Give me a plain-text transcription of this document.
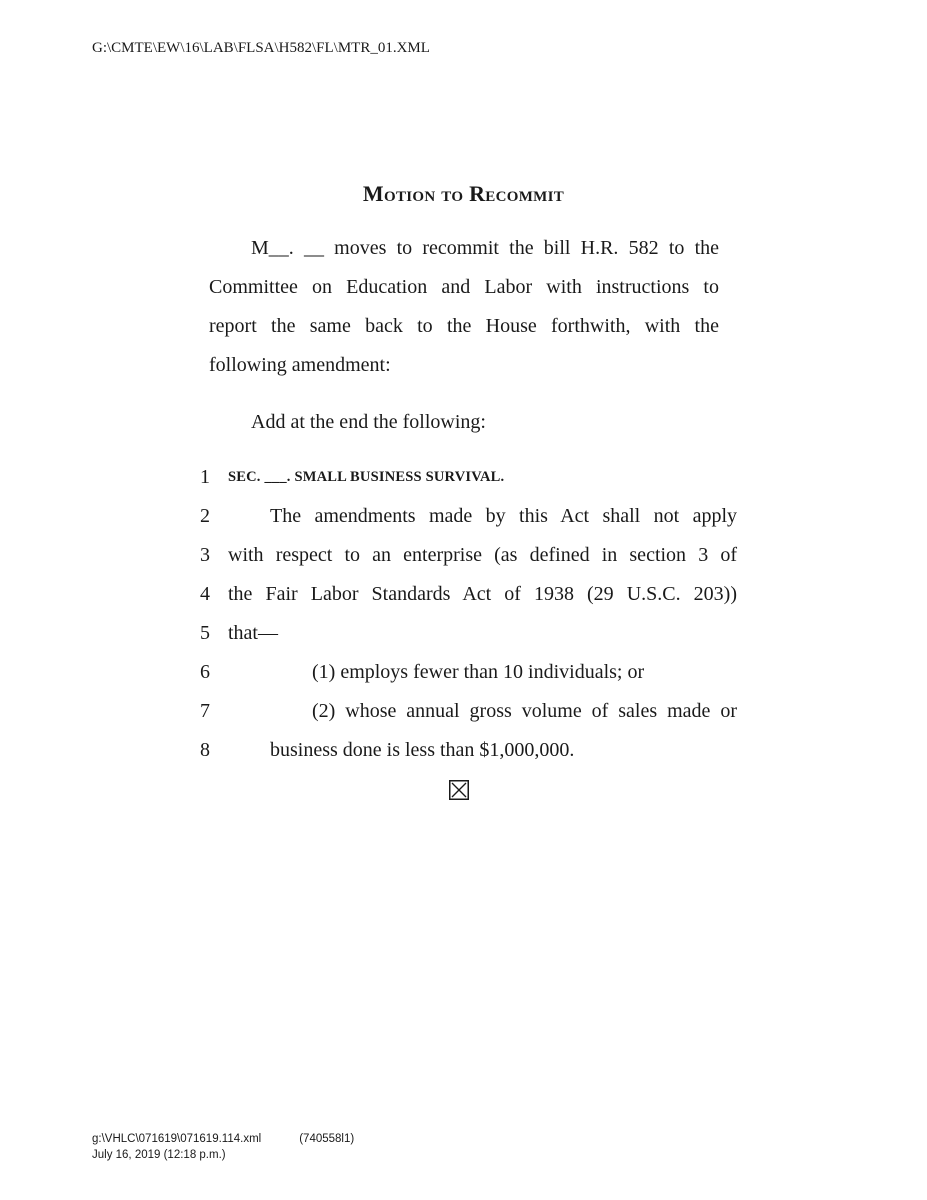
G:\CMTE\EW\16\LAB\FLSA\H582\FL\MTR_01.XML
Motion to Recommit
M__. __ moves to recommit the bill H.R. 582 to the
Committee on Education and Labor with instructions to
report the same back to the House forthwith, with the
following amendment:
Add at the end the following:
1 SEC. ___. SMALL BUSINESS SURVIVAL.
2	The amendments made by this Act shall not apply
3 with respect to an enterprise (as defined in section 3 of
4 the Fair Labor Standards Act of 1938 (29 U.S.C. 203))
5 that—
6	(1) employs fewer than 10 individuals; or
7	(2) whose annual gross volume of sales made or
8	business done is less than $1,000,000.
g:\VHLC\071619\071619.114.xml	(740558l1)
July 16, 2019 (12:18 p.m.)
